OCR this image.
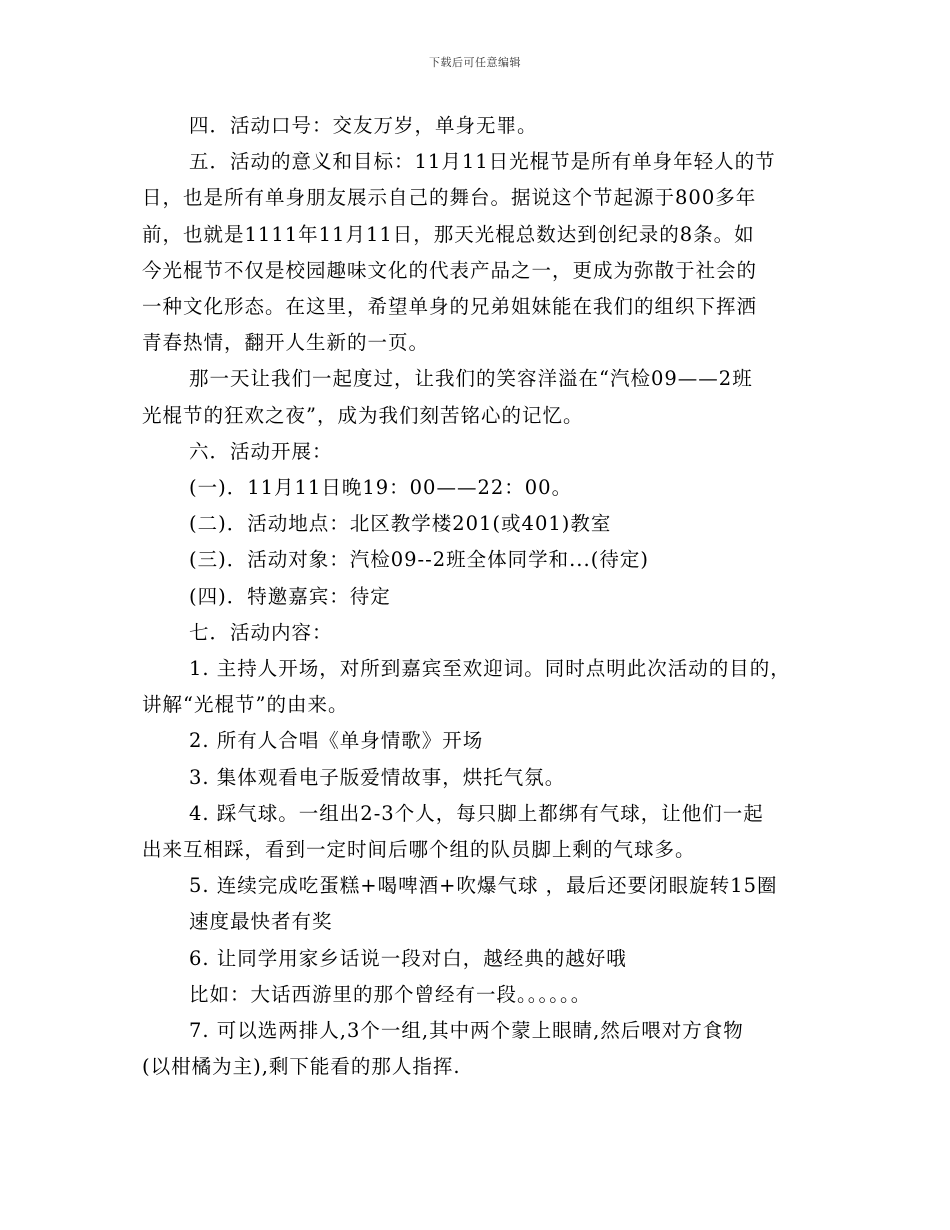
下载后可任意编辑

四．活动口号：交友万岁，单身无罪。

五．活动的意义和目标：11月11日光棍节是所有单身年轻人的节

日，也是所有单身朋友展示自己的舞台。据说这个节起源于800多年

前，也就是1111年11月11日，那天光棍总数达到创纪录的8条。如

今光棍节不仅是校园趣味文化的代表产品之一，更成为弥散于社会的

一种文化形态。在这里，希望单身的兄弟姐妹能在我们的组织下挥洒

青春热情，翻开人生新的一页。

那一天让我们一起度过，让我们的笑容洋溢在“汽检09——2班

光棍节的狂欢之夜”，成为我们刻苦铭心的记忆。

六．活动开展：

(一)．11月11日晚19：00——22：00。

(二)．活动地点：北区教学楼201(或401)教室

(三)．活动对象：汽检09--2班全体同学和...(待定)

(四)．特邀嘉宾：待定

七．活动内容：

1. 主持人开场，对所到嘉宾至欢迎词。同时点明此次活动的目的，

讲解“光棍节”的由来。

2. 所有人合唱《单身情歌》开场

3. 集体观看电子版爱情故事，烘托气氛。

4. 踩气球。一组出2-3个人，每只脚上都绑有气球，让他们一起

出来互相踩，看到一定时间后哪个组的队员脚上剩的气球多。

5. 连续完成吃蛋糕+喝啤酒+吹爆气球 ，最后还要闭眼旋转15圈

速度最快者有奖

6. 让同学用家乡话说一段对白，越经典的越好哦

比如：大话西游里的那个曾经有一段。。。。。。

7. 可以选两排人,3个一组,其中两个蒙上眼睛,然后喂对方食物

(以柑橘为主),剩下能看的那人指挥.
